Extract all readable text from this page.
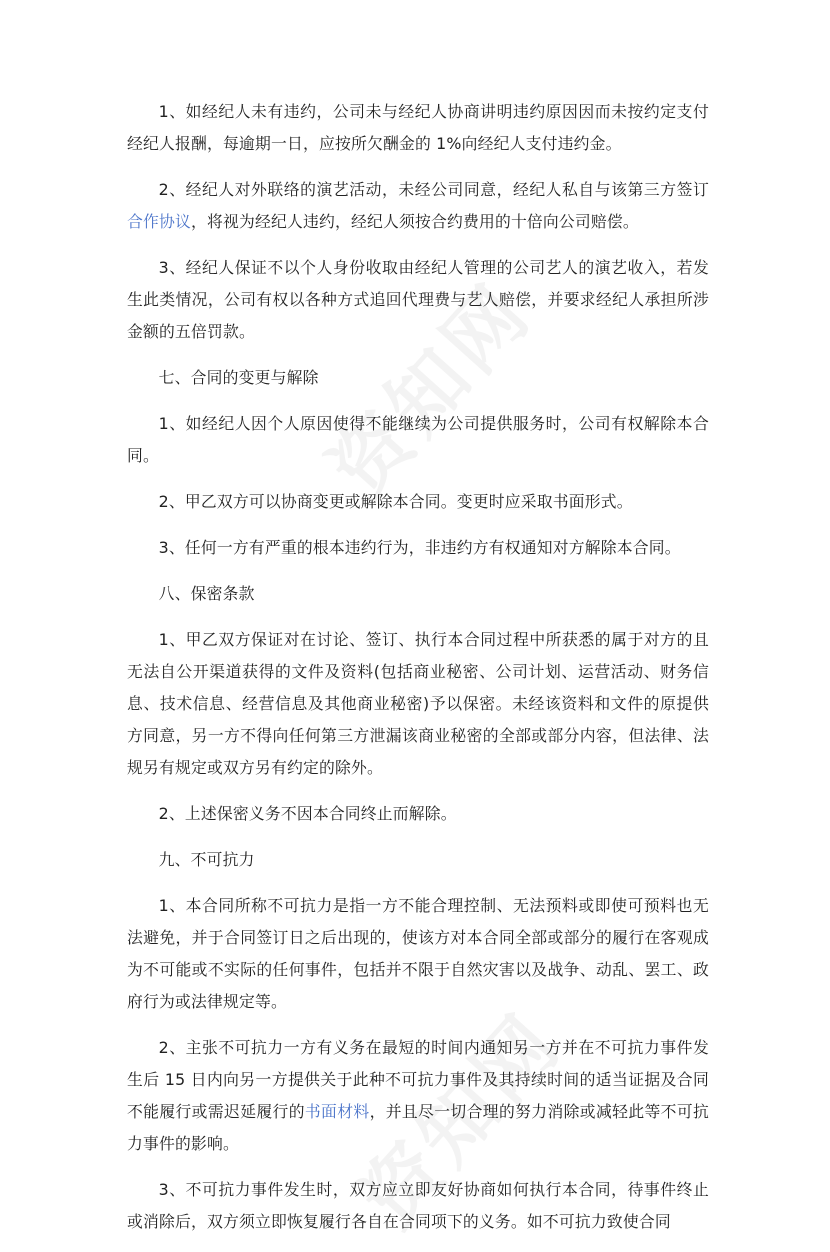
1、如经纪人未有违约，公司未与经纪人协商讲明违约原因因而未按约定支付经纪人报酬，每逾期一日，应按所欠酬金的 1%向经纪人支付违约金。

2、经纪人对外联络的演艺活动，未经公司同意，经纪人私自与该第三方签订合作协议，将视为经纪人违约，经纪人须按合约费用的十倍向公司赔偿。

3、经纪人保证不以个人身份收取由经纪人管理的公司艺人的演艺收入，若发生此类情况，公司有权以各种方式追回代理费与艺人赔偿，并要求经纪人承担所涉金额的五倍罚款。

七、合同的变更与解除

1、如经纪人因个人原因使得不能继续为公司提供服务时，公司有权解除本合同。

2、甲乙双方可以协商变更或解除本合同。变更时应采取书面形式。

3、任何一方有严重的根本违约行为，非违约方有权通知对方解除本合同。

八、保密条款

1、甲乙双方保证对在讨论、签订、执行本合同过程中所获悉的属于对方的且无法自公开渠道获得的文件及资料(包括商业秘密、公司计划、运营活动、财务信息、技术信息、经营信息及其他商业秘密)予以保密。未经该资料和文件的原提供方同意，另一方不得向任何第三方泄漏该商业秘密的全部或部分内容，但法律、法规另有规定或双方另有约定的除外。

2、上述保密义务不因本合同终止而解除。

九、不可抗力

1、本合同所称不可抗力是指一方不能合理控制、无法预料或即使可预料也无法避免，并于合同签订日之后出现的，使该方对本合同全部或部分的履行在客观成为不可能或不实际的任何事件，包括并不限于自然灾害以及战争、动乱、罢工、政府行为或法律规定等。

2、主张不可抗力一方有义务在最短的时间内通知另一方并在不可抗力事件发生后 15 日内向另一方提供关于此种不可抗力事件及其持续时间的适当证据及合同不能履行或需迟延履行的书面材料，并且尽一切合理的努力消除或减轻此等不可抗力事件的影响。

3、不可抗力事件发生时，双方应立即友好协商如何执行本合同，待事件终止或消除后，双方须立即恢复履行各自在合同项下的义务。如不可抗力致使合同
